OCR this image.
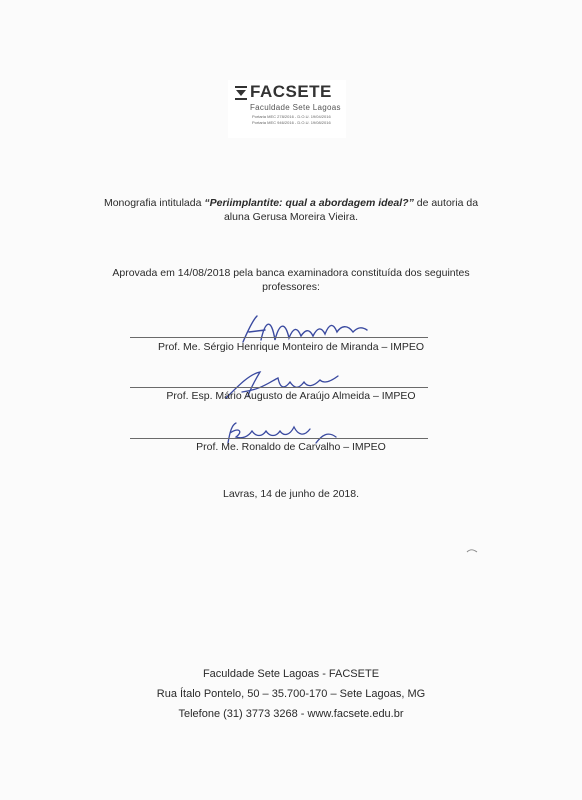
FACSETE
Faculdade Sete Lagoas
Portaria MEC 278/2016 - D.O.U. 19/04/2016
Portaria MEC 946/2016 - D.O.U. 19/08/2016
Monografia intitulada “Periimplantite: qual a abordagem ideal?” de autoria da
aluna Gerusa Moreira Vieira.
Aprovada em 14/08/2018 pela banca examinadora constituída dos seguintes
professores:
Prof. Me. Sérgio Henrique Monteiro de Miranda – IMPEO
Prof. Esp. Mário Augusto de Araújo Almeida – IMPEO
Prof. Me. Ronaldo de Carvalho – IMPEO
Lavras, 14 de junho de 2018.
Faculdade Sete Lagoas - FACSETE
Rua Ítalo Pontelo, 50 – 35.700-170 – Sete Lagoas, MG
Telefone (31) 3773 3268 - www.facsete.edu.br
